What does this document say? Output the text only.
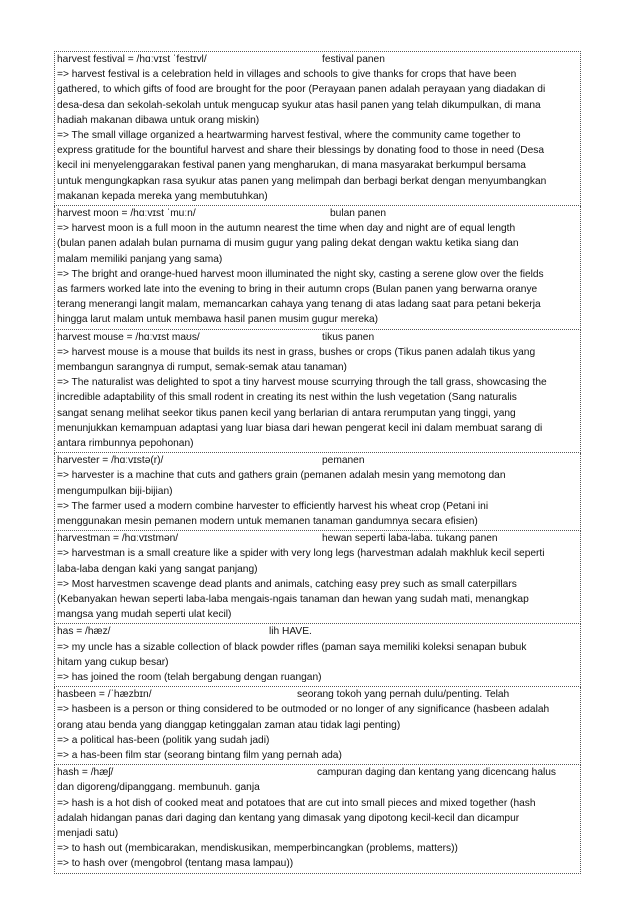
harvest festival = /hɑːvɪst ˈfestɪvl/	festival panen
=> harvest festival is a celebration held in villages and schools to give thanks for crops that have been
gathered, to which gifts of food are brought for the poor (Perayaan panen adalah perayaan yang diadakan di
desa-desa dan sekolah-sekolah untuk mengucap syukur atas hasil panen yang telah dikumpulkan, di mana
hadiah makanan dibawa untuk orang miskin)
=> The small village organized a heartwarming harvest festival, where the community came together to
express gratitude for the bountiful harvest and share their blessings by donating food to those in need (Desa
kecil ini menyelenggarakan festival panen yang mengharukan, di mana masyarakat berkumpul bersama
untuk mengungkapkan rasa syukur atas panen yang melimpah dan berbagi berkat dengan menyumbangkan
makanan kepada mereka yang membutuhkan)
harvest moon = /hɑːvɪst ˈmuːn/	bulan panen
=> harvest moon is a full moon in the autumn nearest the time when day and night are of equal length
(bulan panen adalah bulan purnama di musim gugur yang paling dekat dengan waktu ketika siang dan
malam memiliki panjang yang sama)
=> The bright and orange-hued harvest moon illuminated the night sky, casting a serene glow over the fields
as farmers worked late into the evening to bring in their autumn crops (Bulan panen yang berwarna oranye
terang menerangi langit malam, memancarkan cahaya yang tenang di atas ladang saat para petani bekerja
hingga larut malam untuk membawa hasil panen musim gugur mereka)
harvest mouse = /hɑːvɪst maʊs/	tikus panen
=> harvest mouse is a mouse that builds its nest in grass, bushes or crops (Tikus panen adalah tikus yang
membangun sarangnya di rumput, semak-semak atau tanaman)
=> The naturalist was delighted to spot a tiny harvest mouse scurrying through the tall grass, showcasing the
incredible adaptability of this small rodent in creating its nest within the lush vegetation (Sang naturalis
sangat senang melihat seekor tikus panen kecil yang berlarian di antara rerumputan yang tinggi, yang
menunjukkan kemampuan adaptasi yang luar biasa dari hewan pengerat kecil ini dalam membuat sarang di
antara rimbunnya pepohonan)
harvester = /hɑːvɪstə(r)/	pemanen
=> harvester is a machine that cuts and gathers grain (pemanen adalah mesin yang memotong dan
mengumpulkan biji-bijian)
=> The farmer used a modern combine harvester to efficiently harvest his wheat crop (Petani ini
menggunakan mesin pemanen modern untuk memanen tanaman gandumnya secara efisien)
harvestman = /hɑːvɪstmən/	hewan seperti laba-laba. tukang panen
=> harvestman is a small creature like a spider with very long legs (harvestman adalah makhluk kecil seperti
laba-laba dengan kaki yang sangat panjang)
=> Most harvestmen scavenge dead plants and animals, catching easy prey such as small caterpillars
(Kebanyakan hewan seperti laba-laba mengais-ngais tanaman dan hewan yang sudah mati, menangkap
mangsa yang mudah seperti ulat kecil)
has = /hæz/	lih HAVE.
=> my uncle has a sizable collection of black powder rifles (paman saya memiliki koleksi senapan bubuk
hitam yang cukup besar)
=> has joined the room (telah bergabung dengan ruangan)
hasbeen = /ˈhæzbɪn/	seorang tokoh yang pernah dulu/penting. Telah
=> hasbeen is a person or thing considered to be outmoded or no longer of any significance (hasbeen adalah
orang atau benda yang dianggap ketinggalan zaman atau tidak lagi penting)
=> a political has-been (politik yang sudah jadi)
=> a has-been film star (seorang bintang film yang pernah ada)
hash = /hæʃ/	campuran daging dan kentang yang dicencang halus
dan digoreng/dipanggang. membunuh. ganja
=> hash is a hot dish of cooked meat and potatoes that are cut into small pieces and mixed together (hash
adalah hidangan panas dari daging dan kentang yang dimasak yang dipotong kecil-kecil dan dicampur
menjadi satu)
=> to hash out (membicarakan, mendiskusikan, memperbincangkan (problems, matters))
=> to hash over (mengobrol (tentang masa lampau))
